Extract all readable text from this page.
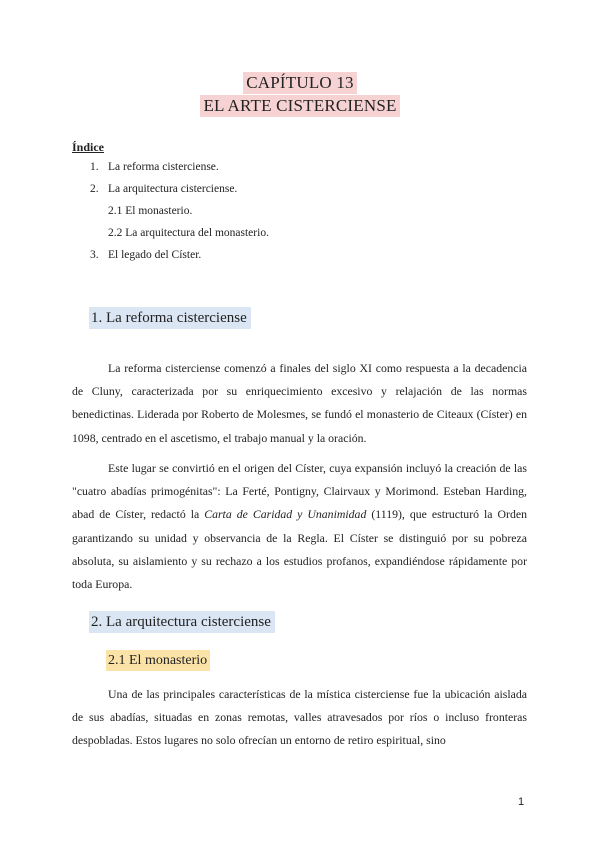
CAPÍTULO 13
EL ARTE CISTERCIENSE
Índice
1. La reforma cisterciense.
2. La arquitectura cisterciense.
2.1 El monasterio.
2.2 La arquitectura del monasterio.
3. El legado del Císter.
1. La reforma cisterciense

La reforma cisterciense comenzó a finales del siglo XI como respuesta a la decadencia de Cluny, caracterizada por su enriquecimiento excesivo y relajación de las normas benedictinas. Liderada por Roberto de Molesmes, se fundó el monasterio de Citeaux (Císter) en 1098, centrado en el ascetismo, el trabajo manual y la oración.

Este lugar se convirtió en el origen del Císter, cuya expansión incluyó la creación de las "cuatro abadías primogénitas": La Ferté, Pontigny, Clairvaux y Morimond. Esteban Harding, abad de Císter, redactó la Carta de Caridad y Unanimidad (1119), que estructuró la Orden garantizando su unidad y observancia de la Regla. El Císter se distinguió por su pobreza absoluta, su aislamiento y su rechazo a los estudios profanos, expandiéndose rápidamente por toda Europa.

2. La arquitectura cisterciense
2.1 El monasterio

Una de las principales características de la mística cisterciense fue la ubicación aislada de sus abadías, situadas en zonas remotas, valles atravesados por ríos o incluso fronteras despobladas. Estos lugares no solo ofrecían un entorno de retiro espiritual, sino

1
